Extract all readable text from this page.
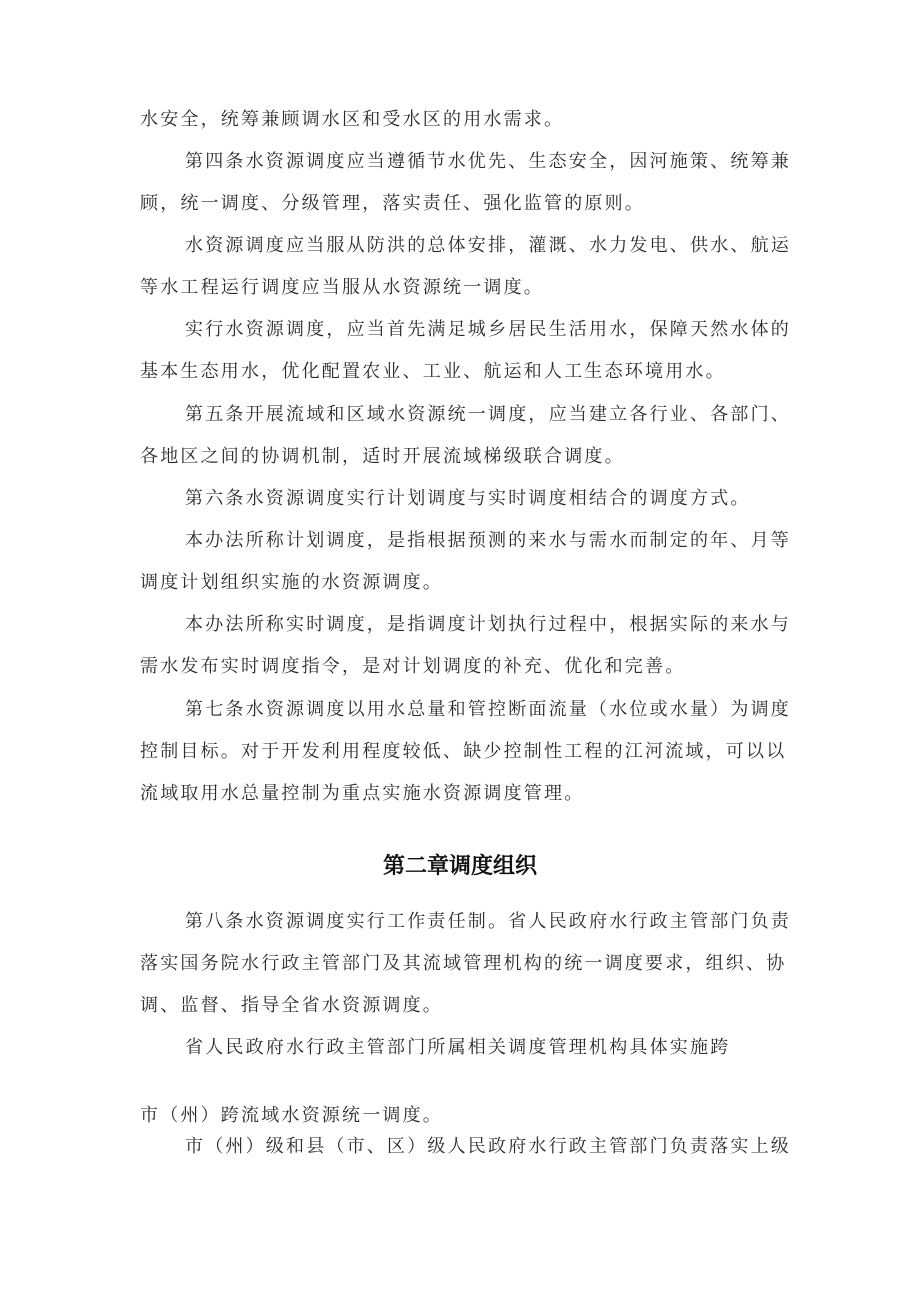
水安全，统筹兼顾调水区和受水区的用水需求。
第四条水资源调度应当遵循节水优先、生态安全，因河施策、统筹兼
顾，统一调度、分级管理，落实责任、强化监管的原则。
水资源调度应当服从防洪的总体安排，灌溉、水力发电、供水、航运
等水工程运行调度应当服从水资源统一调度。
实行水资源调度，应当首先满足城乡居民生活用水，保障天然水体的
基本生态用水，优化配置农业、工业、航运和人工生态环境用水。
第五条开展流域和区域水资源统一调度，应当建立各行业、各部门、
各地区之间的协调机制，适时开展流域梯级联合调度。
第六条水资源调度实行计划调度与实时调度相结合的调度方式。
本办法所称计划调度，是指根据预测的来水与需水而制定的年、月等
调度计划组织实施的水资源调度。
本办法所称实时调度，是指调度计划执行过程中，根据实际的来水与
需水发布实时调度指令，是对计划调度的补充、优化和完善。
第七条水资源调度以用水总量和管控断面流量（水位或水量）为调度
控制目标。对于开发利用程度较低、缺少控制性工程的江河流域，可以以
流域取用水总量控制为重点实施水资源调度管理。
第二章调度组织
第八条水资源调度实行工作责任制。省人民政府水行政主管部门负责
落实国务院水行政主管部门及其流域管理机构的统一调度要求，组织、协
调、监督、指导全省水资源调度。
省人民政府水行政主管部门所属相关调度管理机构具体实施跨
市（州）跨流域水资源统一调度。
市（州）级和县（市、区）级人民政府水行政主管部门负责落实上级
